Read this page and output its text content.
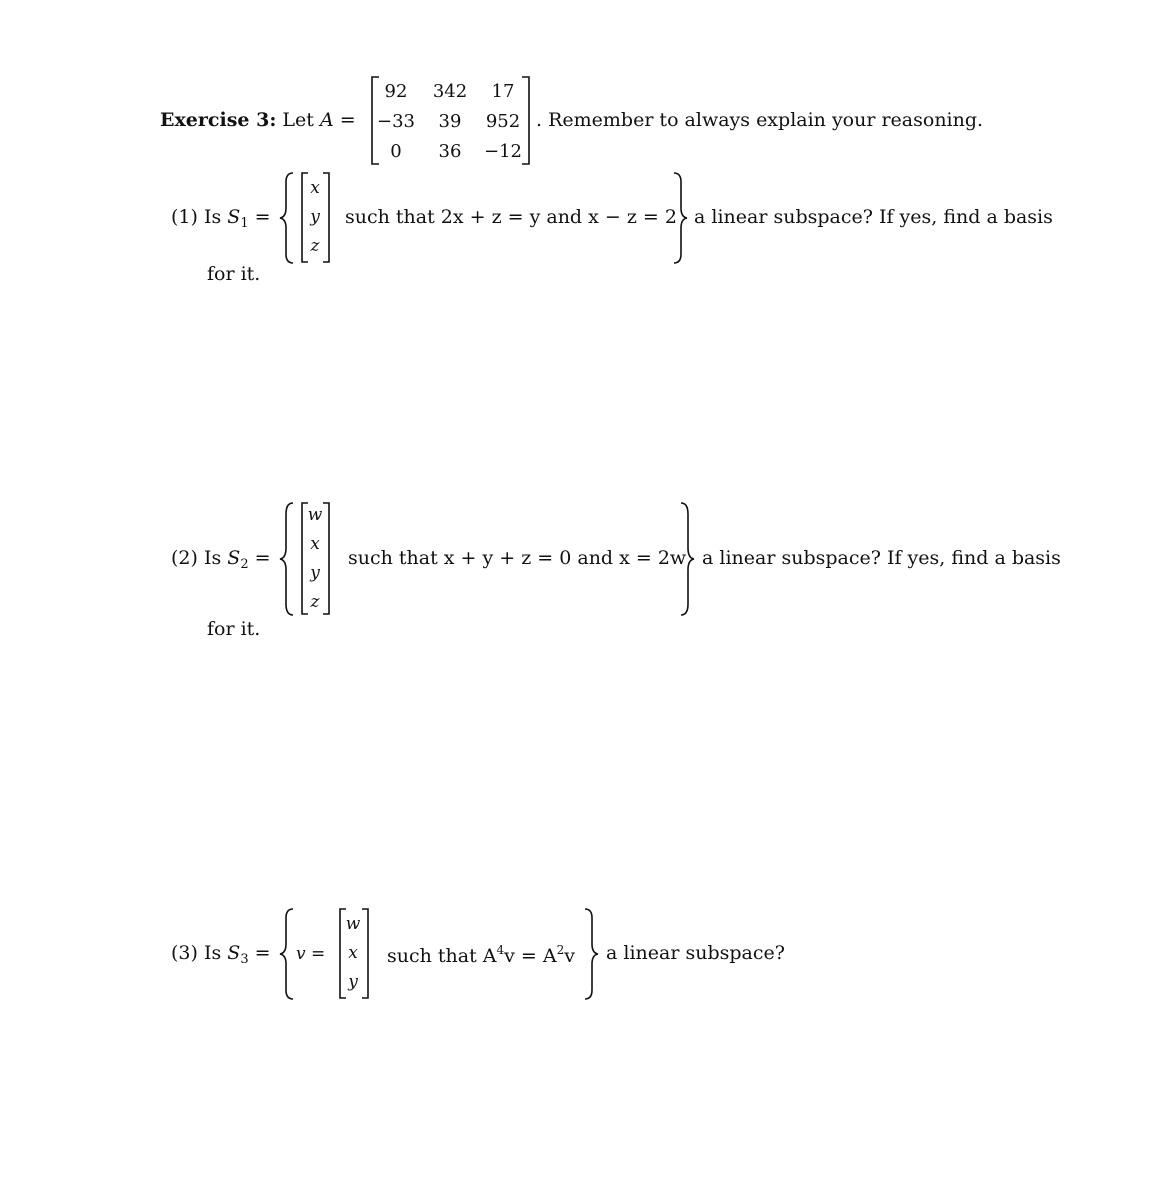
Exercise 3: Let A =
92	342	17
−33	39	952
0	36	−12
. Remember to always explain your reasoning.
(1) Is $S_1$ =
x
y
z
such that 2x + z = y and x − z = 2 a linear subspace? If yes, find a basis
for it.
(2) Is $S_2$ =
w
x
y
z
such that x + y + z = 0 and x = 2w a linear subspace? If yes, find a basis
for it.
(3) Is $S_3 = v$ =
w
x
y
such that $A^4v = A^2v$ a linear subspace?
